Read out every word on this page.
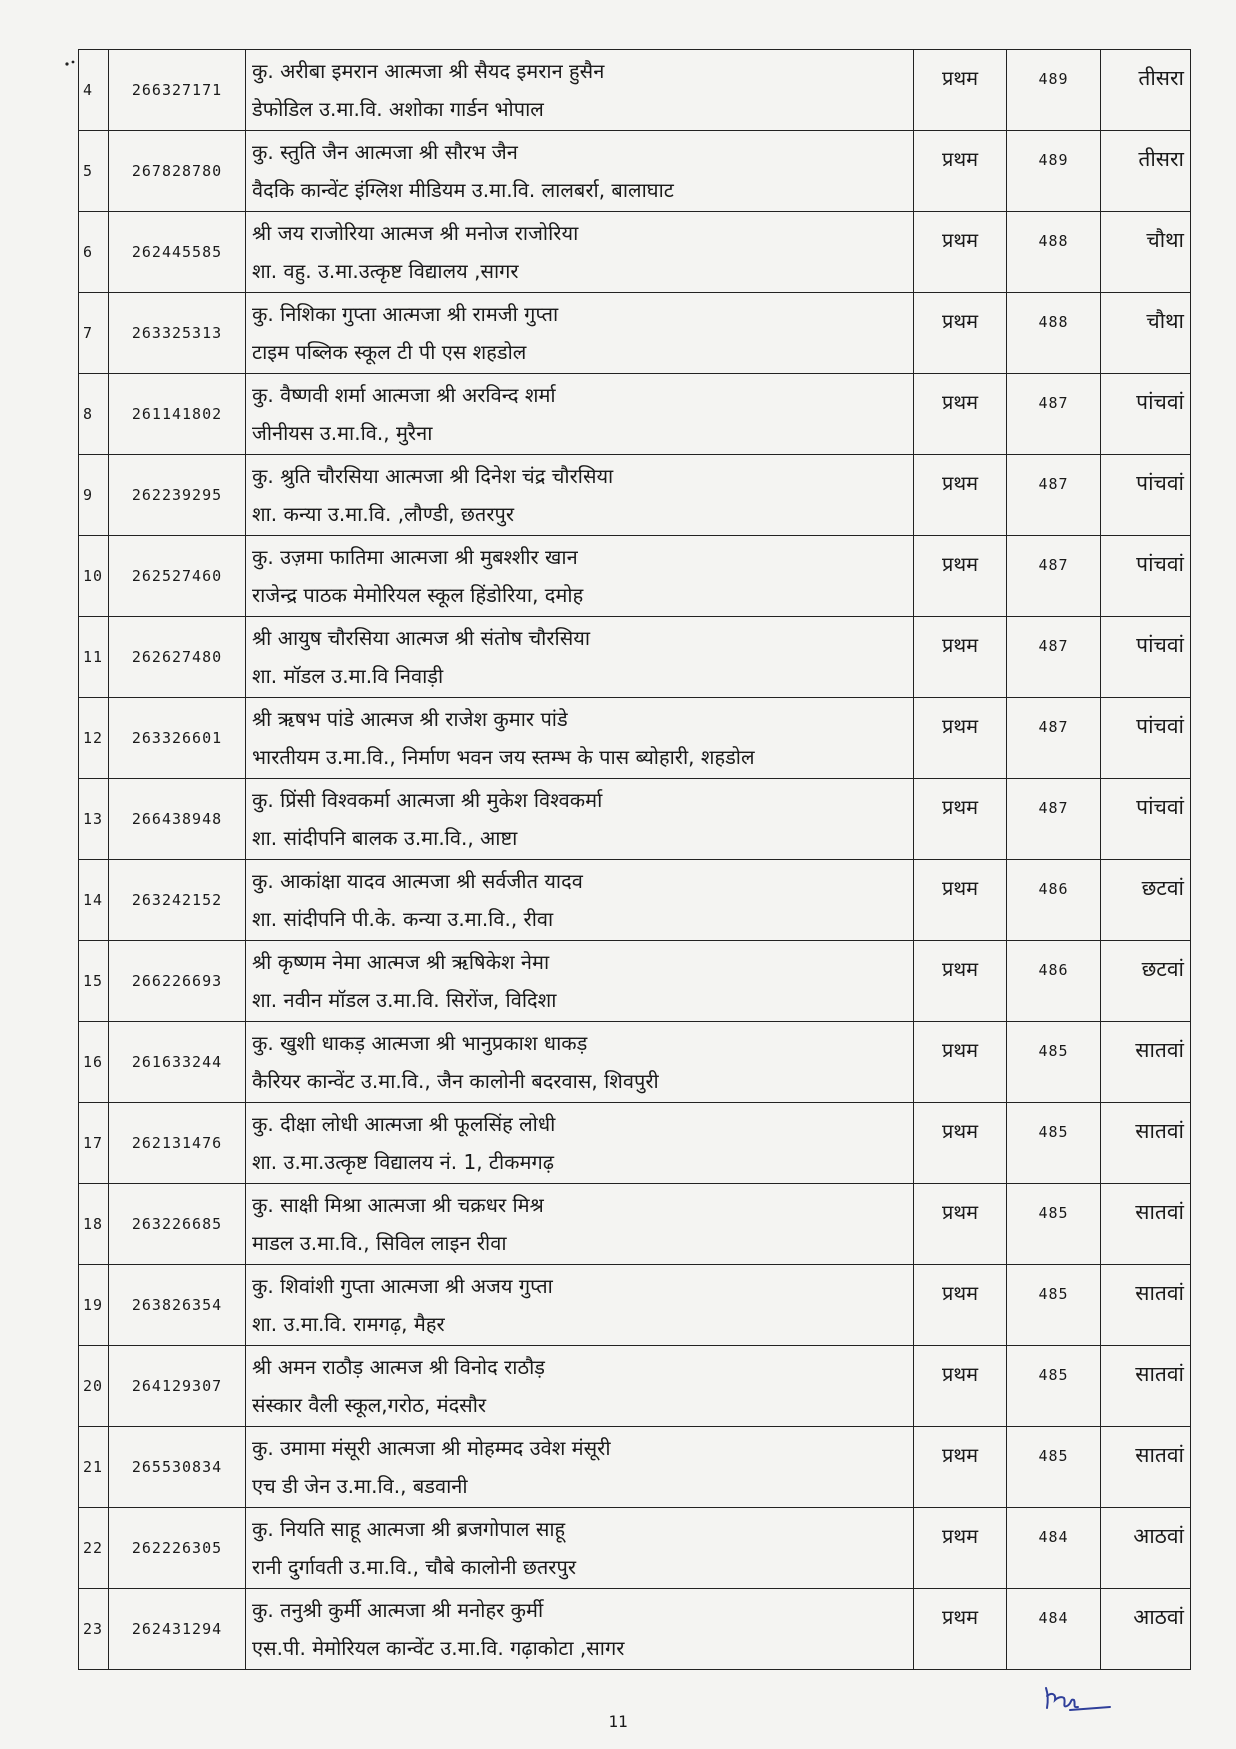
4	266327171	कु. अरीबा इमरान आत्मजा श्री सैयद इमरान हुसैन
डेफोडिल उ.मा.वि. अशोका गार्डन भोपाल	प्रथम	489	तीसरा
5	267828780	कु. स्तुति जैन आत्मजा श्री सौरभ जैन
वैदकि कान्वेंट इंग्लिश मीडियम उ.मा.वि. लालबर्रा, बालाघाट	प्रथम	489	तीसरा
6	262445585	श्री जय राजोरिया आत्मज श्री मनोज राजोरिया
शा. वहु. उ.मा.उत्कृष्ट विद्यालय ,सागर	प्रथम	488	चौथा
7	263325313	कु. निशिका गुप्ता आत्मजा श्री रामजी गुप्ता
टाइम पब्लिक स्कूल टी पी एस शहडोल	प्रथम	488	चौथा
8	261141802	कु. वैष्णवी शर्मा आत्मजा श्री अरविन्द शर्मा
जीनीयस उ.मा.वि., मुरैना	प्रथम	487	पांचवां
9	262239295	कु. श्रुति चौरसिया आत्मजा श्री दिनेश चंद्र चौरसिया
शा. कन्या उ.मा.वि. ,लौण्डी, छतरपुर	प्रथम	487	पांचवां
10	262527460	कु. उज़मा फातिमा आत्मजा श्री मुबश्शीर खान
राजेन्द्र पाठक मेमोरियल स्कूल हिंडोरिया, दमोह	प्रथम	487	पांचवां
11	262627480	श्री आयुष चौरसिया आत्मज श्री संतोष चौरसिया
शा. मॉडल उ.मा.वि निवाड़ी	प्रथम	487	पांचवां
12	263326601	श्री ऋषभ पांडे आत्मज श्री राजेश कुमार पांडे
भारतीयम उ.मा.वि., निर्माण भवन जय स्तम्भ के पास ब्योहारी, शहडोल	प्रथम	487	पांचवां
13	266438948	कु. प्रिंसी विश्वकर्मा आत्मजा श्री मुकेश विश्वकर्मा
शा. सांदीपनि बालक उ.मा.वि., आष्टा	प्रथम	487	पांचवां
14	263242152	कु. आकांक्षा यादव आत्मजा श्री सर्वजीत यादव
शा. सांदीपनि पी.के. कन्या उ.मा.वि., रीवा	प्रथम	486	छटवां
15	266226693	श्री कृष्णम नेमा आत्मज श्री ऋषिकेश नेमा
शा. नवीन मॉडल उ.मा.वि. सिरोंज, विदिशा	प्रथम	486	छटवां
16	261633244	कु. खुशी धाकड़ आत्मजा श्री भानुप्रकाश धाकड़
कैरियर कान्वेंट उ.मा.वि., जैन कालोनी बदरवास, शिवपुरी	प्रथम	485	सातवां
17	262131476	कु. दीक्षा लोधी आत्मजा श्री फूलसिंह लोधी
शा. उ.मा.उत्कृष्ट विद्यालय नं. 1, टीकमगढ़	प्रथम	485	सातवां
18	263226685	कु. साक्षी मिश्रा आत्मजा श्री चक्रधर मिश्र
माडल उ.मा.वि., सिविल लाइन रीवा	प्रथम	485	सातवां
19	263826354	कु. शिवांशी गुप्ता आत्मजा श्री अजय गुप्ता
शा. उ.मा.वि. रामगढ़, मैहर	प्रथम	485	सातवां
20	264129307	श्री अमन राठौड़ आत्मज श्री विनोद राठौड़
संस्कार वैली स्कूल,गरोठ, मंदसौर	प्रथम	485	सातवां
21	265530834	कु. उमामा मंसूरी आत्मजा श्री मोहम्मद उवेश मंसूरी
एच डी जेन उ.मा.वि., बडवानी	प्रथम	485	सातवां
22	262226305	कु. नियति साहू आत्मजा श्री ब्रजगोपाल साहू
रानी दुर्गावती उ.मा.वि., चौबे कालोनी छतरपुर	प्रथम	484	आठवां
23	262431294	कु. तनुश्री कुर्मी आत्मजा श्री मनोहर कुर्मी
एस.पी. मेमोरियल कान्वेंट उ.मा.वि. गढ़ाकोटा ,सागर	प्रथम	484	आठवां
11
